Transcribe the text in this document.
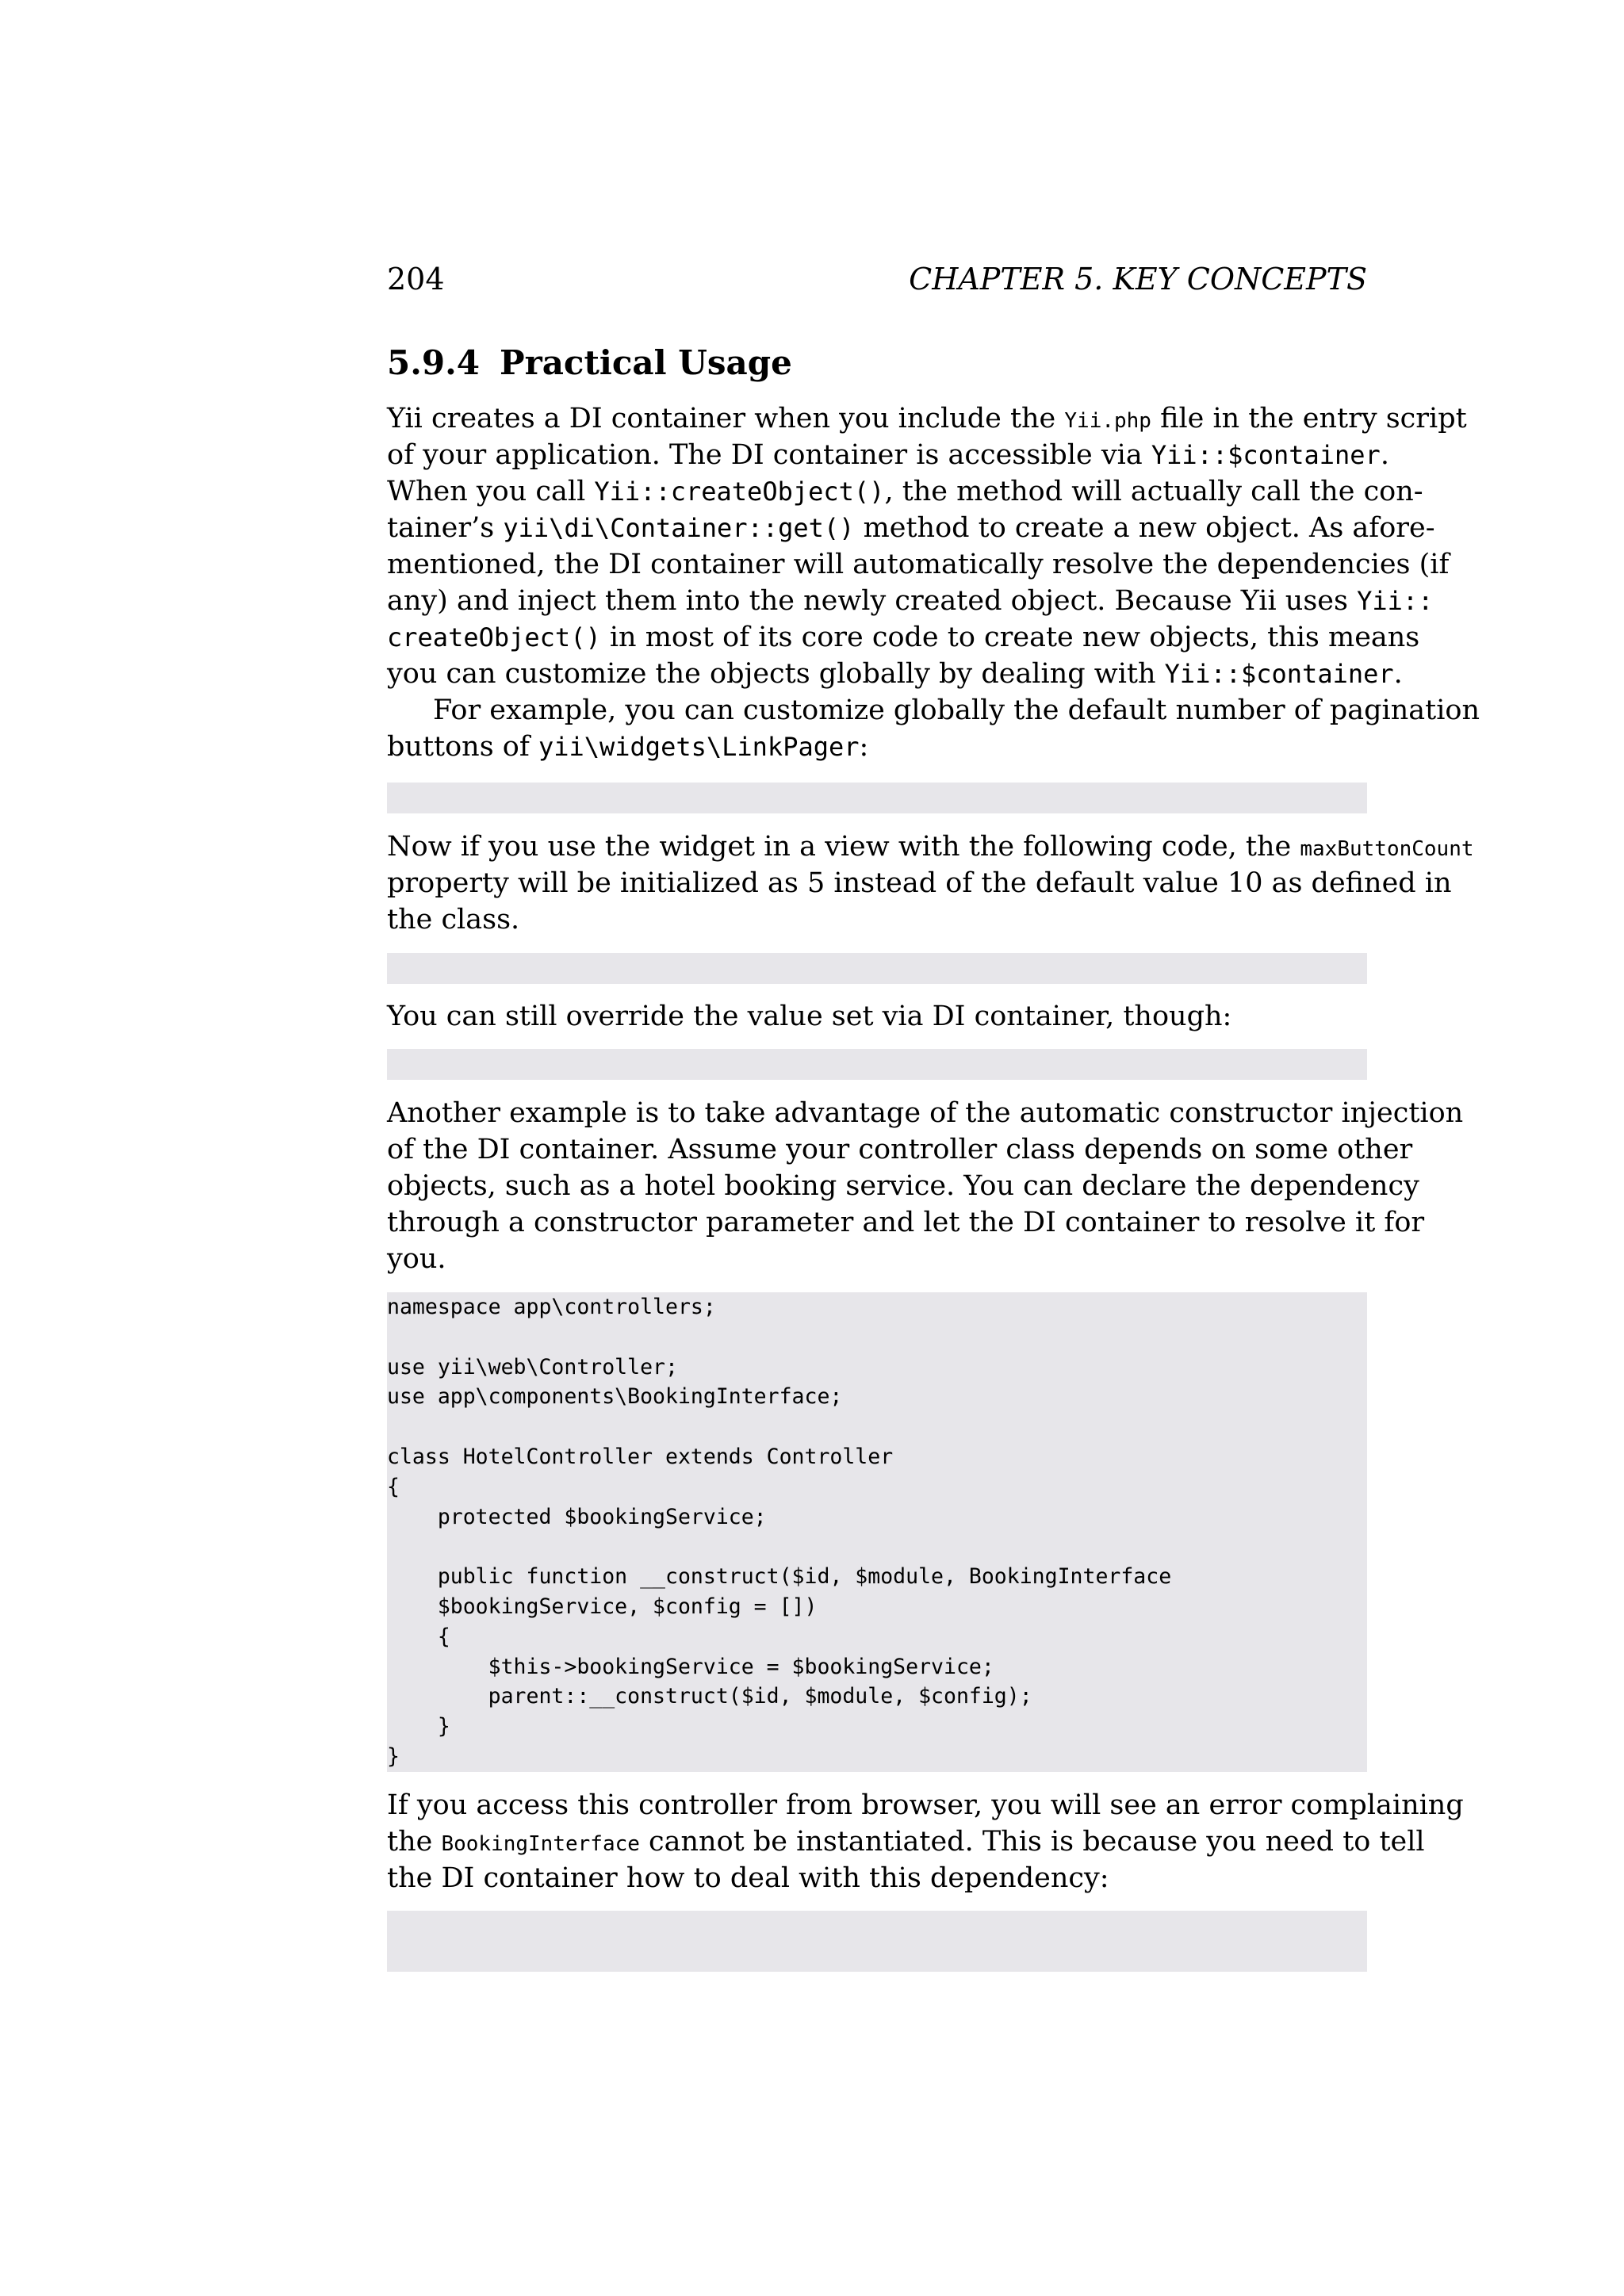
204	CHAPTER 5. KEY CONCEPTS
5.9.4 Practical Usage
Yii creates a DI container when you include the Yii.php file in the entry script
of your application. The DI container is accessible via Yii::$container.
When you call Yii::createObject(), the method will actually call the con-
tainer’s yii\di\Container::get() method to create a new object. As afore-
mentioned, the DI container will automatically resolve the dependencies (if
any) and inject them into the newly created object. Because Yii uses Yii::
createObject() in most of its core code to create new objects, this means
you can customize the objects globally by dealing with Yii::$container.
For example, you can customize globally the default number of pagination
buttons of yii\widgets\LinkPager:

Now if you use the widget in a view with the following code, the maxButtonCount
property will be initialized as 5 instead of the default value 10 as defined in
the class.

You can still override the value set via DI container, though:

Another example is to take advantage of the automatic constructor injection
of the DI container. Assume your controller class depends on some other
objects, such as a hotel booking service. You can declare the dependency
through a constructor parameter and let the DI container to resolve it for
you.
namespace app\controllers;
use yii\web\Controller;
use app\components\BookingInterface;
class HotelController extends Controller
{
protected $bookingService;
public function __construct($id, $module, BookingInterface
$bookingService, $config = [])
{
$this->bookingService = $bookingService;
parent::__construct($id, $module, $config);
}
}
If you access this controller from browser, you will see an error complaining
the BookingInterface cannot be instantiated. This is because you need to tell
the DI container how to deal with this dependency:
